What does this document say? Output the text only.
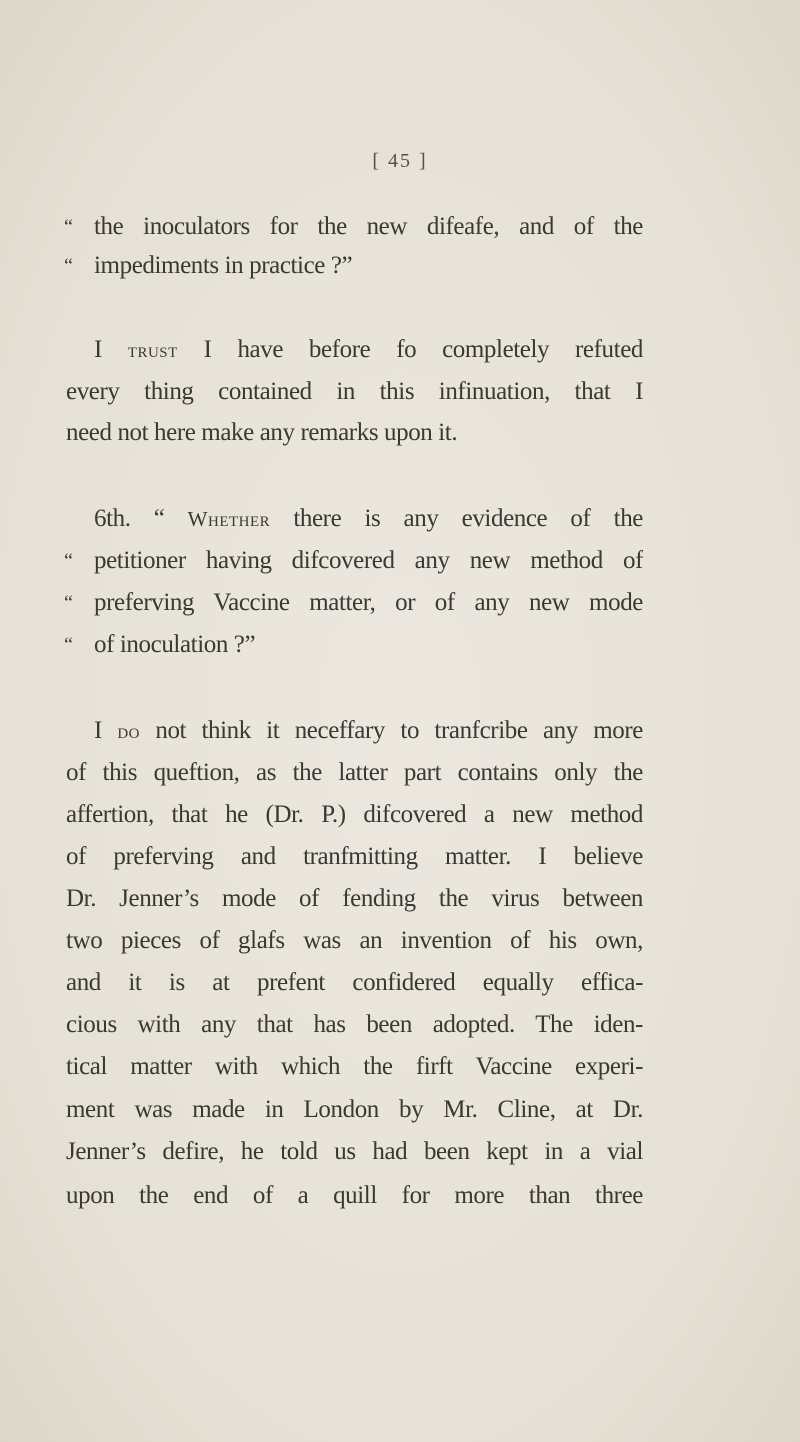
[ 45 ]
“ the inoculators for the new difeafe, and of the
“ impediments in practice ?”
I trust I have before fo completely refuted
every thing contained in this infinuation, that I
need not here make any remarks upon it.
6th. “ Whether there is any evidence of the
“ petitioner having difcovered any new method of
“ preferving Vaccine matter, or of any new mode
“ of inoculation ?”
I do not think it neceffary to tranfcribe any more
of this queftion, as the latter part contains only the
affertion, that he (Dr. P.) difcovered a new method
of preferving and tranfmitting matter. I believe
Dr. Jenner’s mode of fending the virus between
two pieces of glafs was an invention of his own,
and it is at prefent confidered equally effica-
cious with any that has been adopted. The iden-
tical matter with which the firft Vaccine experi-
ment was made in London by Mr. Cline, at Dr.
Jenner’s defire, he told us had been kept in a vial
upon the end of a quill for more than three
